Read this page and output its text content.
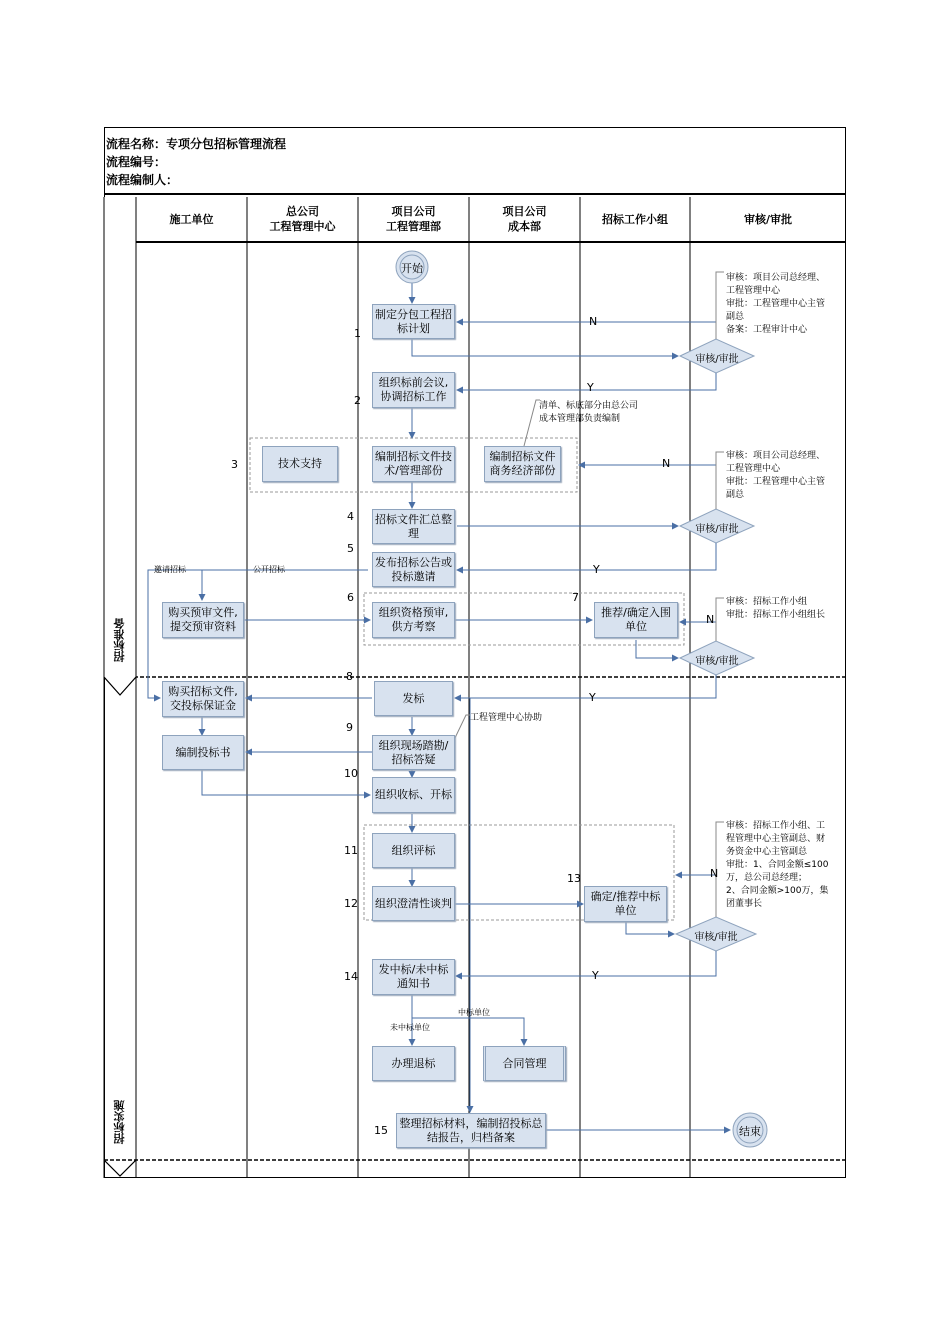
流程名称：专项分包招标管理流程
流程编号：
流程编制人：
施工单位
总公司
工程管理中心
项目公司
工程管理部
项目公司
成本部
招标工作小组	审核/审批
招标准备
招标实施
开始
结束
制定分包工程招标计划
组织标前会议,协调招标工作
技术支持
编制招标文件技术/管理部份
编制招标文件商务经济部份
招标文件汇总整理
发布招标公告或投标邀请
购买预审文件,提交预审资料
组织资格预审,供方考察
推荐/确定入围单位
购买招标文件,交投标保证金
发标
组织现场踏勘/招标答疑
编制投标书
组织收标、开标
组织评标
组织澄清性谈判	确定/推荐中标单位
发中标/未中标通知书
办理退标	合同管理
整理招标材料，编制招投标总结报告，归档备案
审核/审批
审核/审批
审核/审批
审核/审批
1
2
3
4
5
6	7
8
9
10
11
12
13
14
15
N
Y
N
Y
N
Y
N
Y
邀请招标	公开招标
中标单位
未中标单位
审核：项目公司总经理、
工程管理中心
审批：工程管理中心主管
副总
备案：工程审计中心
清单、标底部分由总公司
成本管理部负责编制
审核：项目公司总经理、
工程管理中心
审批：工程管理中心主管
副总
审核：招标工作小组
审批：招标工作小组组长
工程管理中心协助
审核：招标工作小组、工
程管理中心主管副总、财
务资金中心主管副总
审批：1、合同金额≤100
万，总公司总经理；
2、合同金额>100万，集
团董事长
